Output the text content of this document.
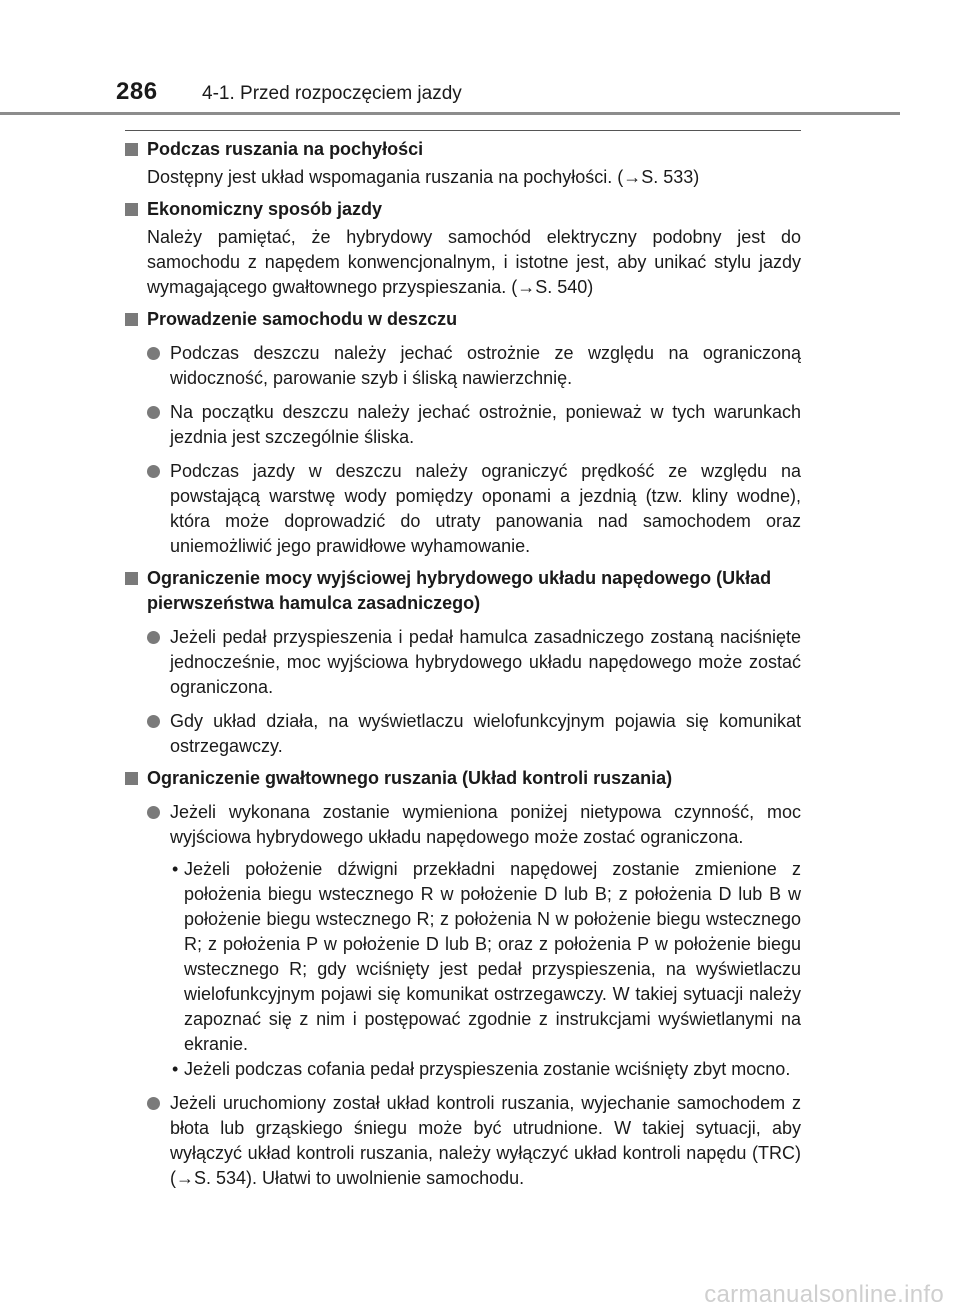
286	4-1. Przed rozpoczęciem jazdy
Podczas ruszania na pochyłości
Dostępny jest układ wspomagania ruszania na pochyłości. (→S. 533)
Ekonomiczny sposób jazdy
Należy pamiętać, że hybrydowy samochód elektryczny podobny jest do samochodu z napędem konwencjonalnym, i istotne jest, aby unikać stylu jazdy wymagającego gwałtownego przyspieszania. (→S. 540)
Prowadzenie samochodu w deszczu
Podczas deszczu należy jechać ostrożnie ze względu na ograniczoną widoczność, parowanie szyb i śliską nawierzchnię.
Na początku deszczu należy jechać ostrożnie, ponieważ w tych warunkach jezdnia jest szczególnie śliska.
Podczas jazdy w deszczu należy ograniczyć prędkość ze względu na powstającą warstwę wody pomiędzy oponami a jezdnią (tzw. kliny wodne), która może doprowadzić do utraty panowania nad samochodem oraz uniemożliwić jego prawidłowe wyhamowanie.
Ograniczenie mocy wyjściowej hybrydowego układu napędowego (Układ pierwszeństwa hamulca zasadniczego)
Jeżeli pedał przyspieszenia i pedał hamulca zasadniczego zostaną naciśnięte jednocześnie, moc wyjściowa hybrydowego układu napędowego może zostać ograniczona.
Gdy układ działa, na wyświetlaczu wielofunkcyjnym pojawia się komunikat ostrzegawczy.
Ograniczenie gwałtownego ruszania (Układ kontroli ruszania)
Jeżeli wykonana zostanie wymieniona poniżej nietypowa czynność, moc wyjściowa hybrydowego układu napędowego może zostać ograniczona.
• Jeżeli położenie dźwigni przekładni napędowej zostanie zmienione z położenia biegu wstecznego R w położenie D lub B; z położenia D lub B w położenie biegu wstecznego R; z położenia N w położenie biegu wstecznego R; z położenia P w położenie D lub B; oraz z położenia P w położenie biegu wstecznego R; gdy wciśnięty jest pedał przyspieszenia, na wyświetlaczu wielofunkcyjnym pojawi się komunikat ostrzegawczy. W takiej sytuacji należy zapoznać się z nim i postępować zgodnie z instrukcjami wyświetlanymi na ekranie.
• Jeżeli podczas cofania pedał przyspieszenia zostanie wciśnięty zbyt mocno.
Jeżeli uruchomiony został układ kontroli ruszania, wyjechanie samochodem z błota lub grząskiego śniegu może być utrudnione. W takiej sytuacji, aby wyłączyć układ kontroli ruszania, należy wyłączyć układ kontroli napędu (TRC) (→S. 534). Ułatwi to uwolnienie samochodu.
carmanualsonline.info
